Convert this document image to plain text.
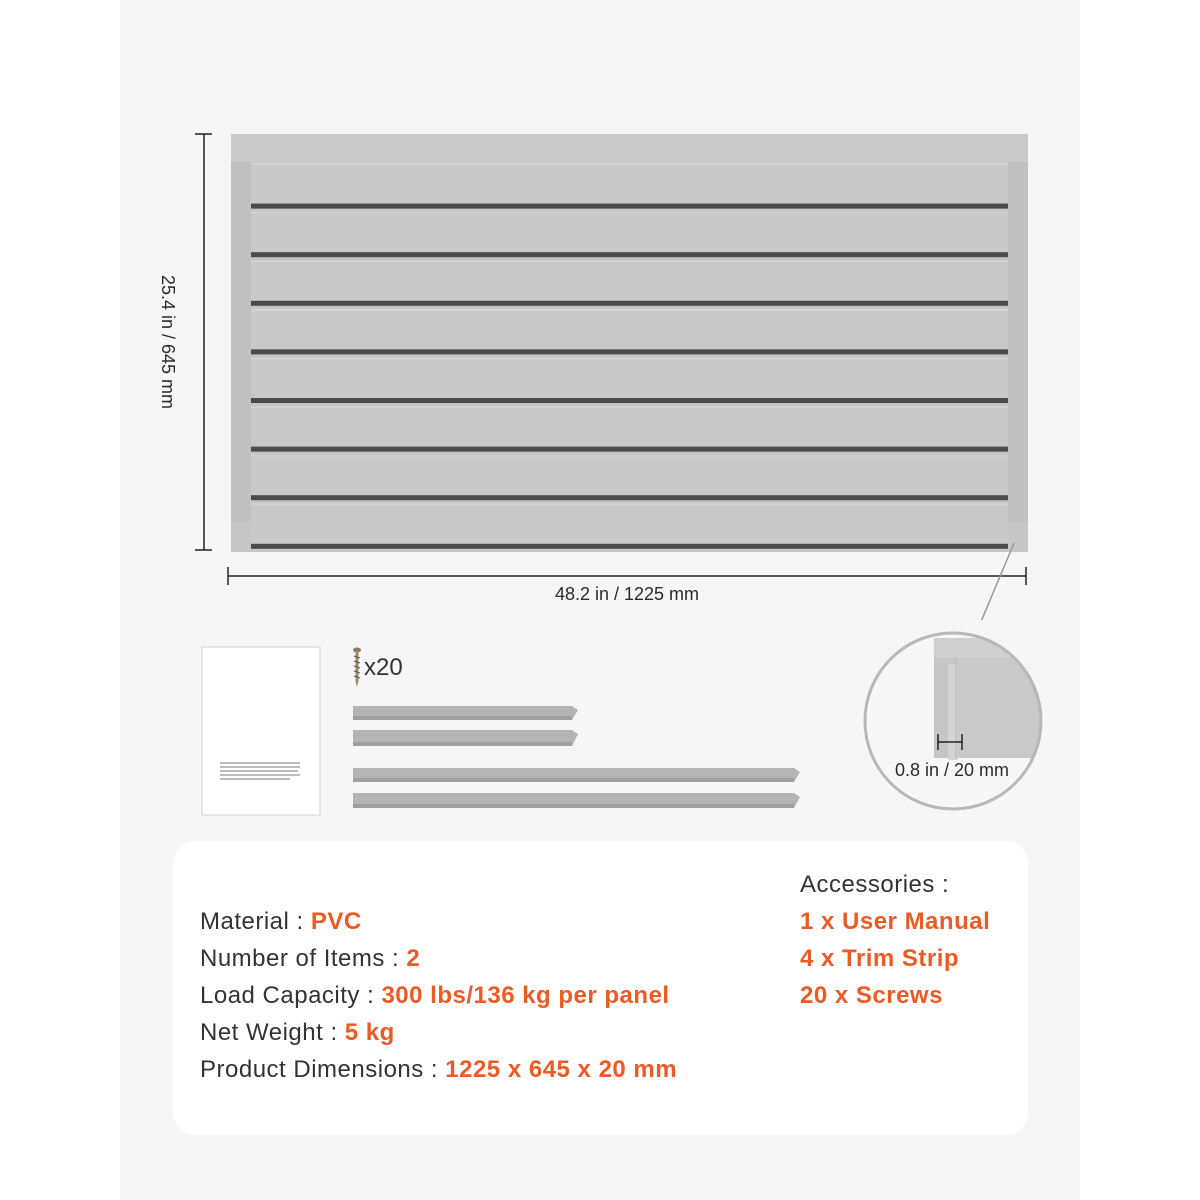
25.4 in / 645 mm
48.2 in / 1225 mm
0.8 in / 20 mm
x20
Material : PVC
Number of Items : 2
Load Capacity : 300 lbs/136 kg per panel
Net Weight : 5 kg
Product Dimensions : 1225 x 645 x 20 mm
Accessories :
1 x User Manual
4 x Trim Strip
20 x Screws
